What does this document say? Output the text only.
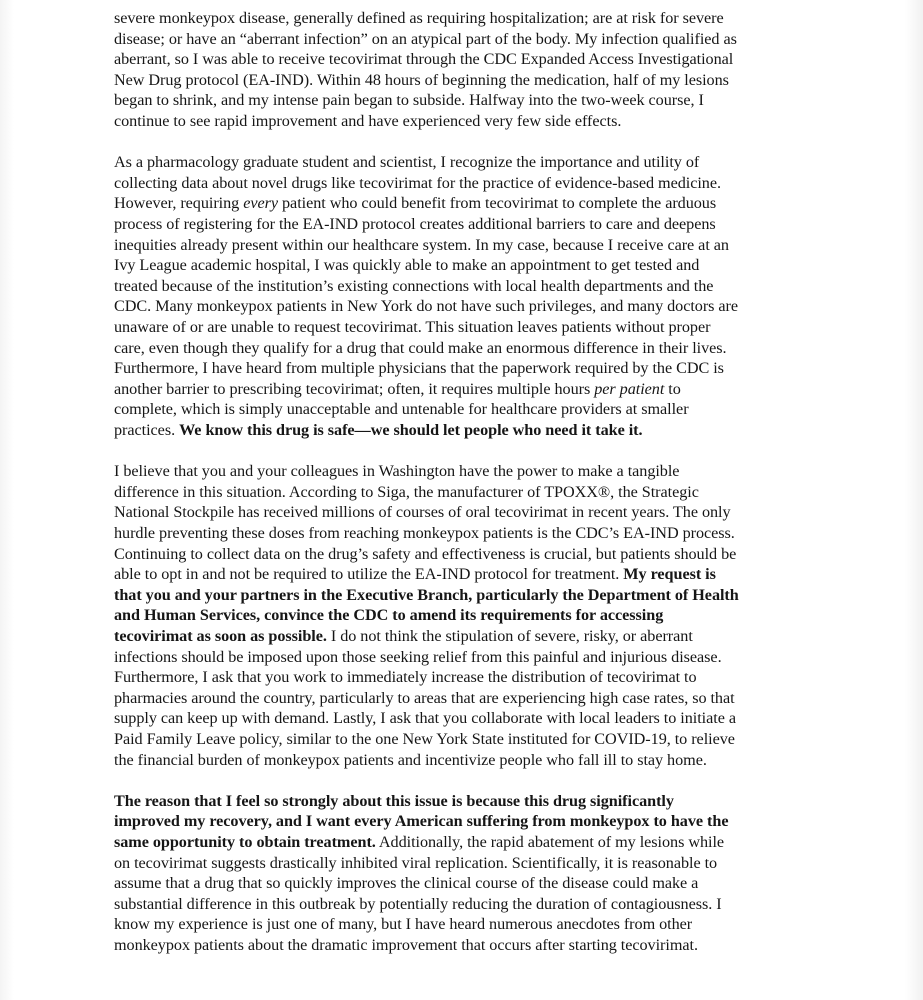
severe monkeypox disease, generally defined as requiring hospitalization; are at risk for severe
disease; or have an “aberrant infection” on an atypical part of the body. My infection qualified as
aberrant, so I was able to receive tecovirimat through the CDC Expanded Access Investigational
New Drug protocol (EA-IND). Within 48 hours of beginning the medication, half of my lesions
began to shrink, and my intense pain began to subside. Halfway into the two-week course, I
continue to see rapid improvement and have experienced very few side effects.
As a pharmacology graduate student and scientist, I recognize the importance and utility of
collecting data about novel drugs like tecovirimat for the practice of evidence-based medicine.
However, requiring every patient who could benefit from tecovirimat to complete the arduous
process of registering for the EA-IND protocol creates additional barriers to care and deepens
inequities already present within our healthcare system. In my case, because I receive care at an
Ivy League academic hospital, I was quickly able to make an appointment to get tested and
treated because of the institution’s existing connections with local health departments and the
CDC. Many monkeypox patients in New York do not have such privileges, and many doctors are
unaware of or are unable to request tecovirimat. This situation leaves patients without proper
care, even though they qualify for a drug that could make an enormous difference in their lives.
Furthermore, I have heard from multiple physicians that the paperwork required by the CDC is
another barrier to prescribing tecovirimat; often, it requires multiple hours per patient to
complete, which is simply unacceptable and untenable for healthcare providers at smaller
practices. We know this drug is safe—we should let people who need it take it.
I believe that you and your colleagues in Washington have the power to make a tangible
difference in this situation. According to Siga, the manufacturer of TPOXX®, the Strategic
National Stockpile has received millions of courses of oral tecovirimat in recent years. The only
hurdle preventing these doses from reaching monkeypox patients is the CDC’s EA-IND process.
Continuing to collect data on the drug’s safety and effectiveness is crucial, but patients should be
able to opt in and not be required to utilize the EA-IND protocol for treatment. My request is
that you and your partners in the Executive Branch, particularly the Department of Health
and Human Services, convince the CDC to amend its requirements for accessing
tecovirimat as soon as possible. I do not think the stipulation of severe, risky, or aberrant
infections should be imposed upon those seeking relief from this painful and injurious disease.
Furthermore, I ask that you work to immediately increase the distribution of tecovirimat to
pharmacies around the country, particularly to areas that are experiencing high case rates, so that
supply can keep up with demand. Lastly, I ask that you collaborate with local leaders to initiate a
Paid Family Leave policy, similar to the one New York State instituted for COVID-19, to relieve
the financial burden of monkeypox patients and incentivize people who fall ill to stay home.
The reason that I feel so strongly about this issue is because this drug significantly
improved my recovery, and I want every American suffering from monkeypox to have the
same opportunity to obtain treatment. Additionally, the rapid abatement of my lesions while
on tecovirimat suggests drastically inhibited viral replication. Scientifically, it is reasonable to
assume that a drug that so quickly improves the clinical course of the disease could make a
substantial difference in this outbreak by potentially reducing the duration of contagiousness. I
know my experience is just one of many, but I have heard numerous anecdotes from other
monkeypox patients about the dramatic improvement that occurs after starting tecovirimat.
